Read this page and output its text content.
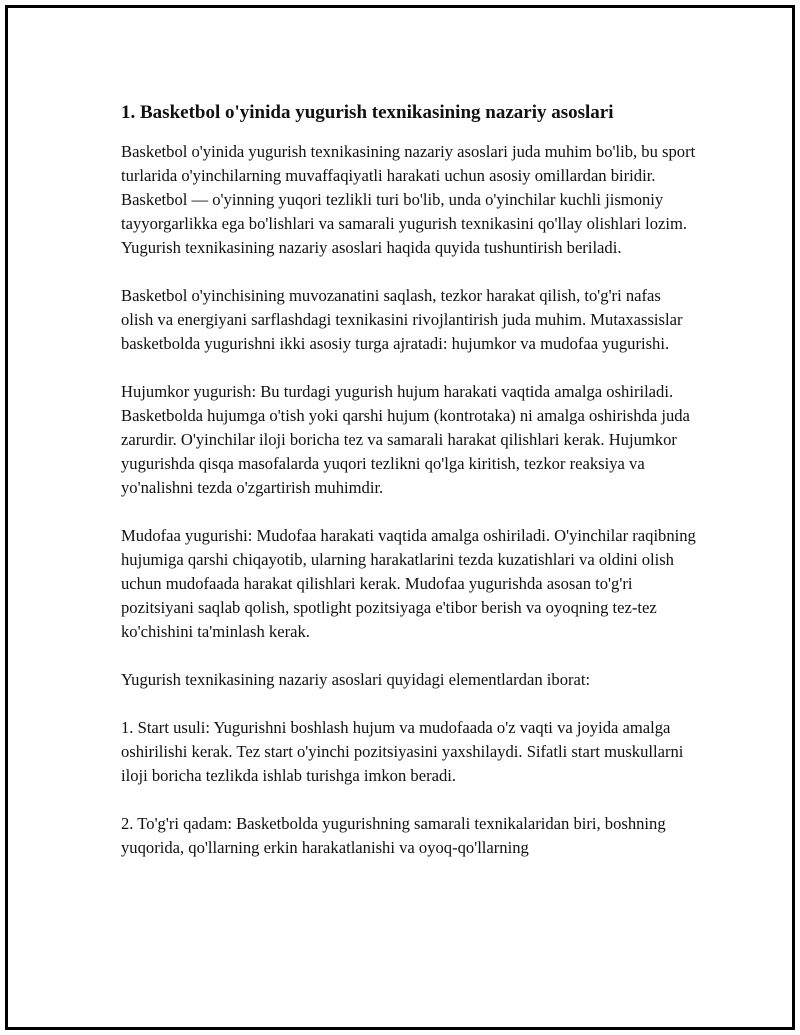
1. Basketbol o'yinida yugurish texnikasining nazariy asoslari

Basketbol o'yinida yugurish texnikasining nazariy asoslari juda muhim bo'lib, bu sport turlarida o'yinchilarning muvaffaqiyatli harakati uchun asosiy omillardan biridir. Basketbol — o'yinning yuqori tezlikli turi bo'lib, unda o'yinchilar kuchli jismoniy tayyorgarlikka ega bo'lishlari va samarali yugurish texnikasini qo'llay olishlari lozim. Yugurish texnikasining nazariy asoslari haqida quyida tushuntirish beriladi.

Basketbol o'yinchisining muvozanatini saqlash, tezkor harakat qilish, to'g'ri nafas olish va energiyani sarflashdagi texnikasini rivojlantirish juda muhim. Mutaxassislar basketbolda yugurishni ikki asosiy turga ajratadi: hujumkor va mudofaa yugurishi.

Hujumkor yugurish: Bu turdagi yugurish hujum harakati vaqtida amalga oshiriladi. Basketbolda hujumga o'tish yoki qarshi hujum (kontrotaka) ni amalga oshirishda juda zarurdir. O'yinchilar iloji boricha tez va samarali harakat qilishlari kerak. Hujumkor yugurishda qisqa masofalarda yuqori tezlikni qo'lga kiritish, tezkor reaksiya va yo'nalishni tezda o'zgartirish muhimdir.

Mudofaa yugurishi: Mudofaa harakati vaqtida amalga oshiriladi. O'yinchilar raqibning hujumiga qarshi chiqayotib, ularning harakatlarini tezda kuzatishlari va oldini olish uchun mudofaada harakat qilishlari kerak. Mudofaa yugurishda asosan to'g'ri pozitsiyani saqlab qolish, spotlight pozitsiyaga e'tibor berish va oyoqning tez-tez ko'chishini ta'minlash kerak.

Yugurish texnikasining nazariy asoslari quyidagi elementlardan iborat:

1. Start usuli: Yugurishni boshlash hujum va mudofaada o'z vaqti va joyida amalga oshirilishi kerak. Tez start o'yinchi pozitsiyasini yaxshilaydi. Sifatli start muskullarni iloji boricha tezlikda ishlab turishga imkon beradi.

2. To'g'ri qadam: Basketbolda yugurishning samarali texnikalaridan biri, boshning yuqorida, qo'llarning erkin harakatlanishi va oyoq-qo'llarning
